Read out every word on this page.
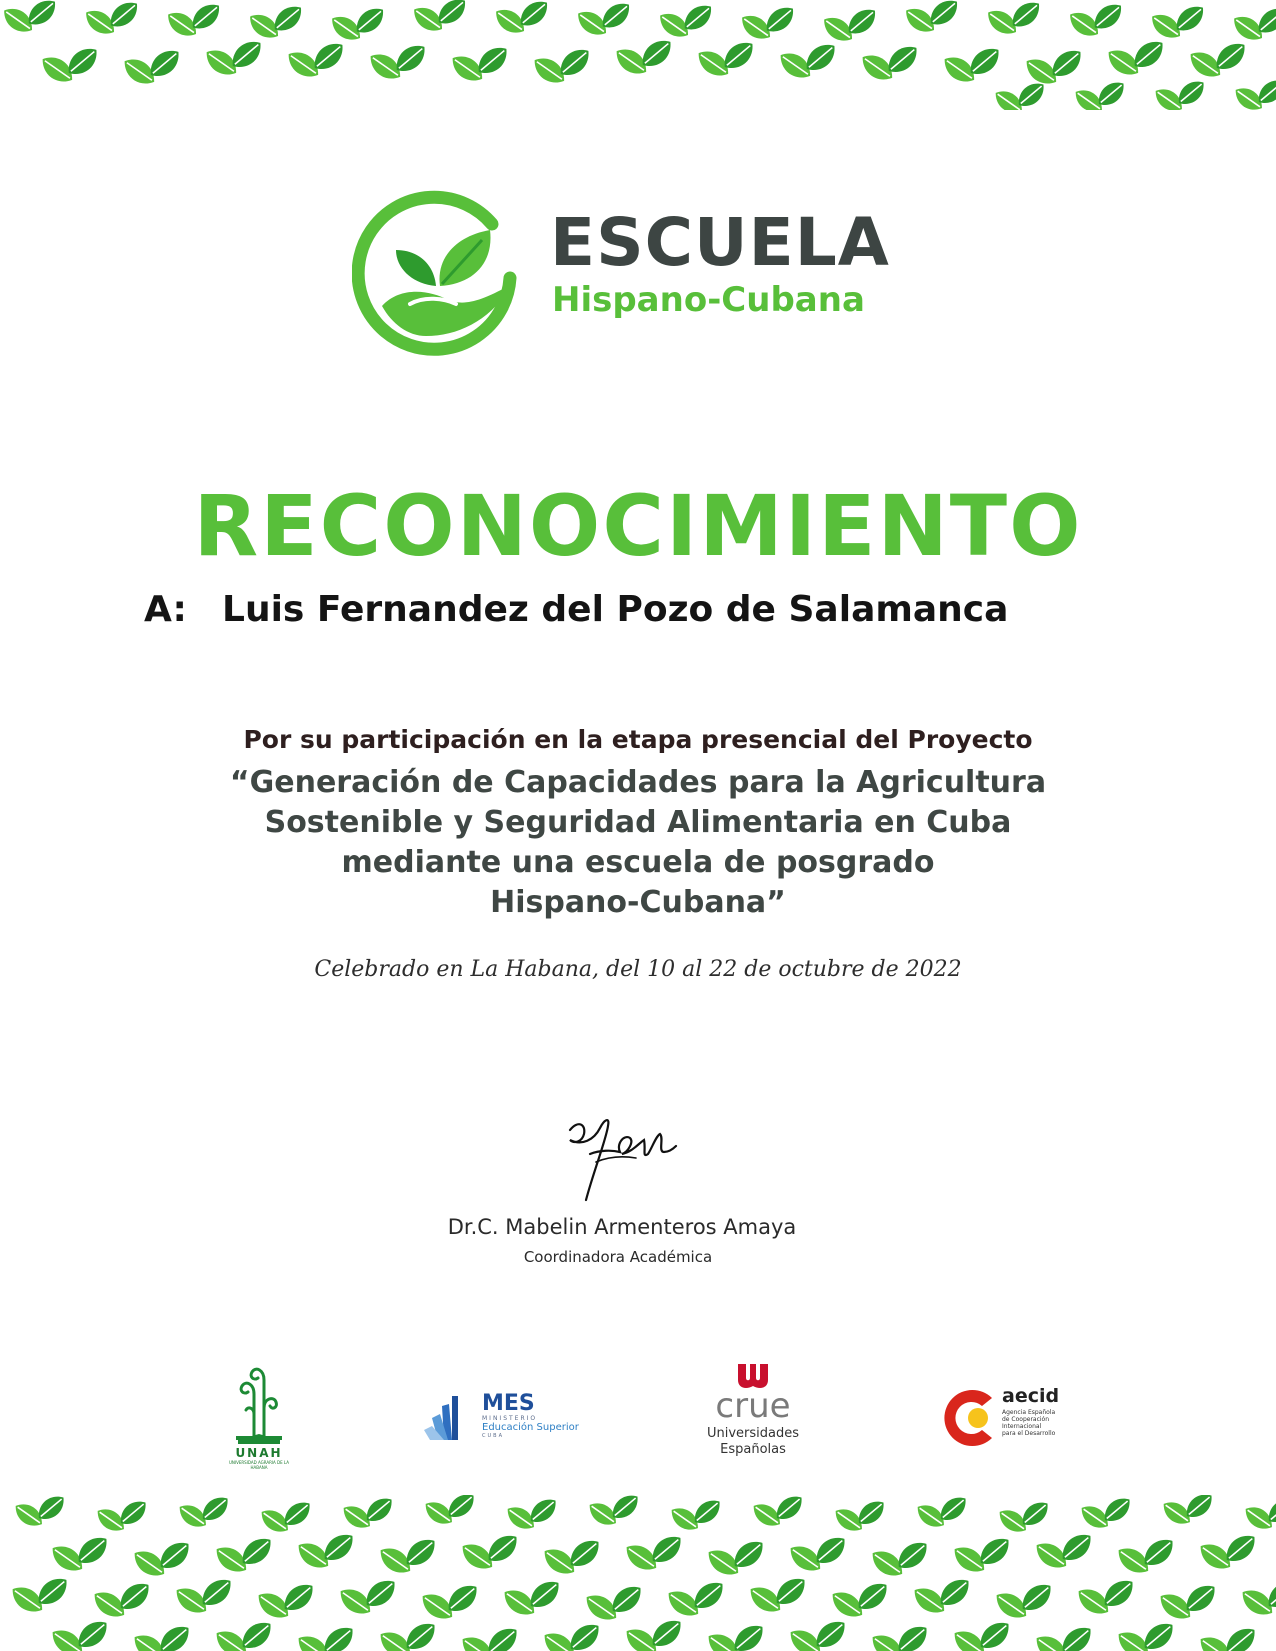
ESCUELA
Hispano-Cubana
RECONOCIMIENTO
A: Luis Fernandez del Pozo de Salamanca
Por su participación en la etapa presencial del Proyecto
“Generación de Capacidades para la Agricultura
Sostenible y Seguridad Alimentaria en Cuba
mediante una escuela de posgrado
Hispano-Cubana”
Celebrado en La Habana, del 10 al 22 de octubre de 2022
Dr.C. Mabelin Armenteros Amaya
Coordinadora Académica
UNAH
UNIVERSIDAD AGRARIA DE LA HABANA
MES
MINISTERIO
Educación Superior
CUBA
crue
Universidades
Españolas
aecid
Agencia Española
de Cooperación
Internacional
para el Desarrollo
